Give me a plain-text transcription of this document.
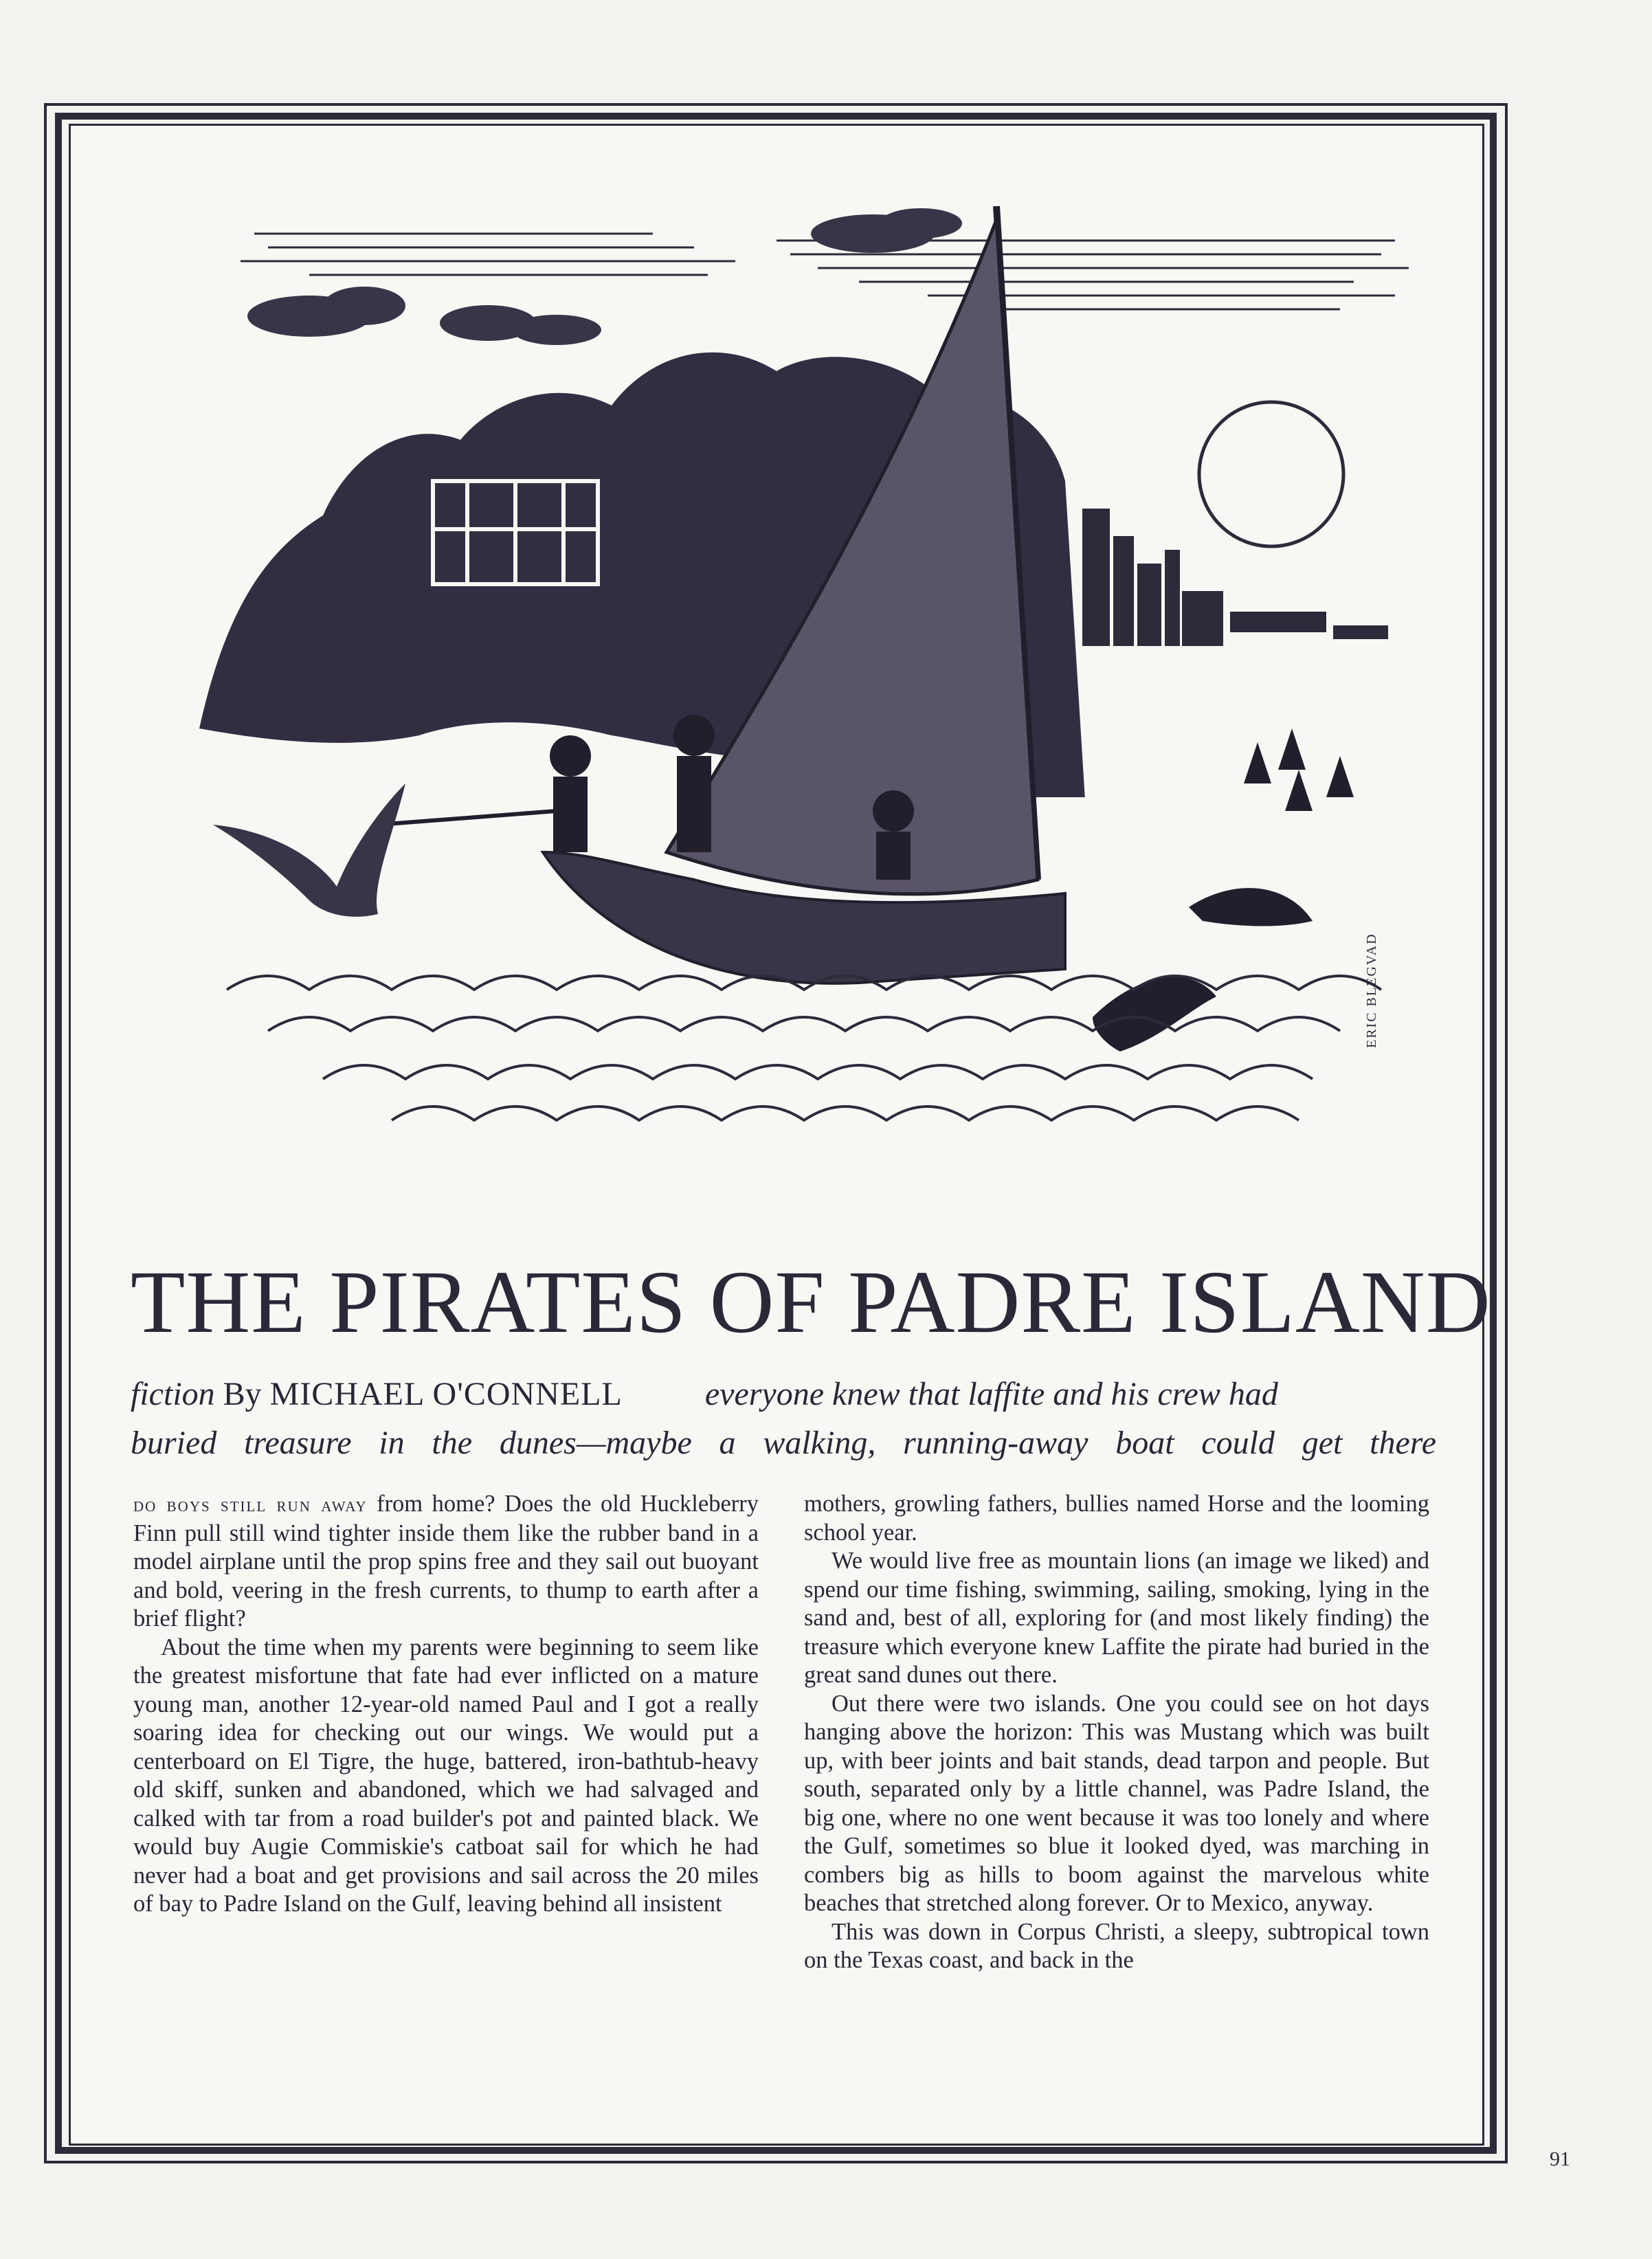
ERIC BLEGVAD
THE PIRATES OF PADRE ISLAND
fiction By MICHAEL O'CONNELL	everyone knew that laffite and his crew had
buried treasure in the dunes—maybe a walking, running-away boat could get there

do boys still run away from home? Does the old Huckleberry Finn pull still wind tighter inside them like the rubber band in a model airplane until the prop spins free and they sail out buoyant and bold, veering in the fresh currents, to thump to earth after a brief flight?

About the time when my parents were beginning to seem like the greatest misfortune that fate had ever inflicted on a mature young man, another 12-year-old named Paul and I got a really soaring idea for checking out our wings. We would put a centerboard on El Tigre, the huge, battered, iron-bathtub-heavy old skiff, sunken and abandoned, which we had salvaged and calked with tar from a road builder's pot and painted black. We would buy Augie Commiskie's catboat sail for which he had never had a boat and get provisions and sail across the 20 miles of bay to Padre Island on the Gulf, leaving behind all insistent

mothers, growling fathers, bullies named Horse and the looming school year.

We would live free as mountain lions (an image we liked) and spend our time fishing, swimming, sailing, smoking, lying in the sand and, best of all, exploring for (and most likely finding) the treasure which everyone knew Laffite the pirate had buried in the great sand dunes out there.

Out there were two islands. One you could see on hot days hanging above the horizon: This was Mustang which was built up, with beer joints and bait stands, dead tarpon and people. But south, separated only by a little channel, was Padre Island, the big one, where no one went because it was too lonely and where the Gulf, sometimes so blue it looked dyed, was marching in combers big as hills to boom against the marvelous white beaches that stretched along forever. Or to Mexico, anyway.

This was down in Corpus Christi, a sleepy, subtropical town on the Texas coast, and back in the

91
